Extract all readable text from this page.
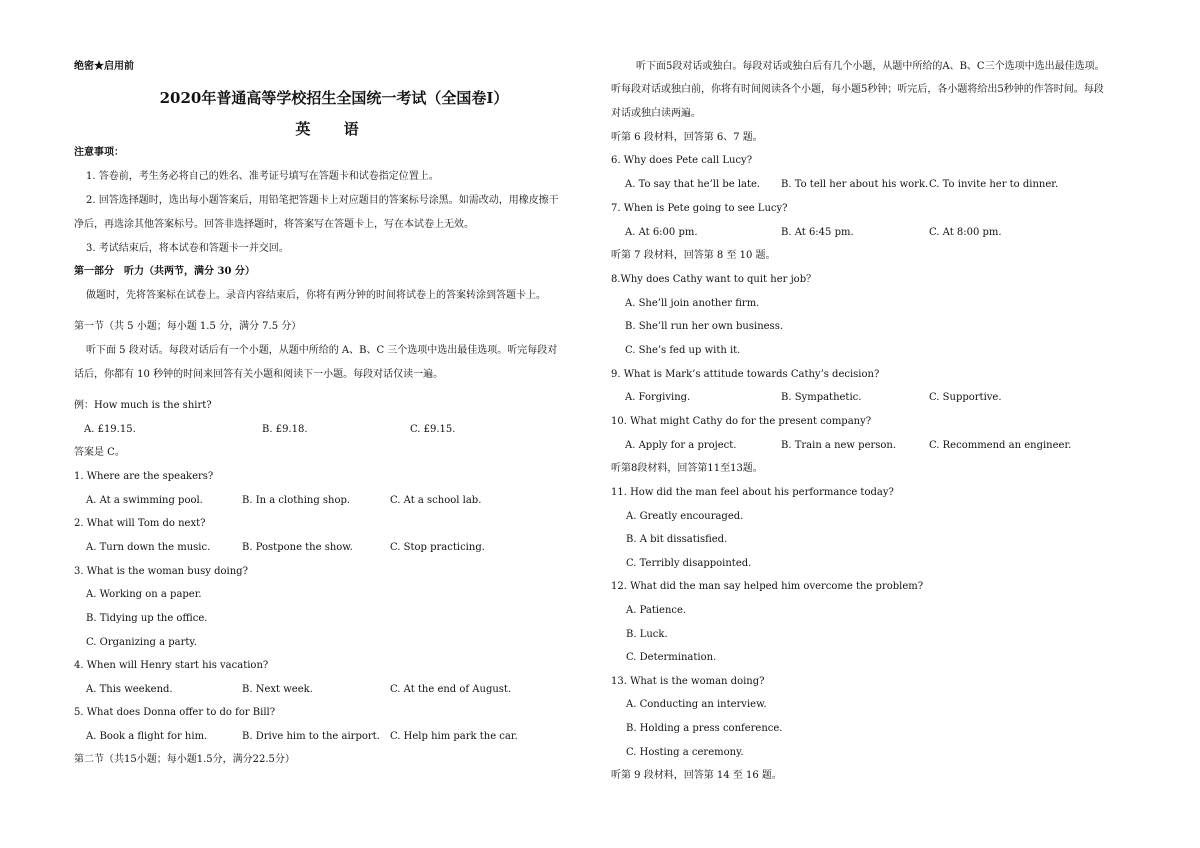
绝密★启用前
2020年普通高等学校招生全国统一考试（全国卷I）
英 语
注意事项：
1. 答卷前，考生务必将自己的姓名、准考证号填写在答题卡和试卷指定位置上。
2. 回答选择题时，选出每小题答案后，用铅笔把答题卡上对应题目的答案标号涂黑。如需改动，用橡皮擦干
净后，再选涂其他答案标号。回答非选择题时，将答案写在答题卡上，写在本试卷上无效。
3. 考试结束后，将本试卷和答题卡一并交回。
第一部分　听力（共两节，满分 30 分）
做题时，先将答案标在试卷上。录音内容结束后，你将有两分钟的时间将试卷上的答案转涂到答题卡上。
第一节（共 5 小题；每小题 1.5 分，满分 7.5 分）
听下面 5 段对话。每段对话后有一个小题，从题中所给的 A、B、C 三个选项中选出最佳选项。听完每段对
话后，你都有 10 秒钟的时间来回答有关小题和阅读下一小题。每段对话仅读一遍。
例：How much is the shirt?
A. £19.15.	B. £9.18.	C. £9.15.
答案是 C。
1. Where are the speakers?
A. At a swimming pool.	B. In a clothing shop.	C. At a school lab.
2. What will Tom do next?
A. Turn down the music.	B. Postpone the show.	C. Stop practicing.
3. What is the woman busy doing?
A. Working on a paper.
B. Tidying up the office.
C. Organizing a party.
4. When will Henry start his vacation?
A. This weekend.	B. Next week.	C. At the end of August.
5. What does Donna offer to do for Bill?
A. Book a flight for him.	B. Drive him to the airport. C. Help him park the car.
第二节（共15小题；每小题1.5分，满分22.5分）
听下面5段对话或独白。每段对话或独白后有几个小题，从题中所给的A、B、C三个选项中选出最佳选项。
听每段对话或独白前，你将有时间阅读各个小题，每小题5秒钟；听完后，各小题将给出5秒钟的作答时间。每段
对话或独白读两遍。
听第 6 段材料，回答第 6、7 题。
6. Why does Pete call Lucy?
A. To say that he’ll be late. B. To tell her about his work. C. To invite her to dinner.
7. When is Pete going to see Lucy?
A. At 6:00 pm.	B. At 6:45 pm.	C. At 8:00 pm.
听第 7 段材料，回答第 8 至 10 题。
8.Why does Cathy want to quit her job？
A. She’ll join another firm.
B. She’ll run her own business.
C. She’s fed up with it.
9. What is Mark’s attitude towards Cathy’s decision?
A. Forgiving.	B. Sympathetic.	C. Supportive.
10. What might Cathy do for the present company?
A. Apply for a project.	B. Train a new person.	C. Recommend an engineer.
听第8段材料，回答第11至13题。
11. How did the man feel about his performance today?
A. Greatly encouraged.
B. A bit dissatisfied.
C. Terribly disappointed.
12. What did the man say helped him overcome the problem?
A. Patience.
B. Luck.
C. Determination.
13. What is the woman doing?
A. Conducting an interview.
B. Holding a press conference.
C. Hosting a ceremony.
听第 9 段材料，回答第 14 至 16 题。
